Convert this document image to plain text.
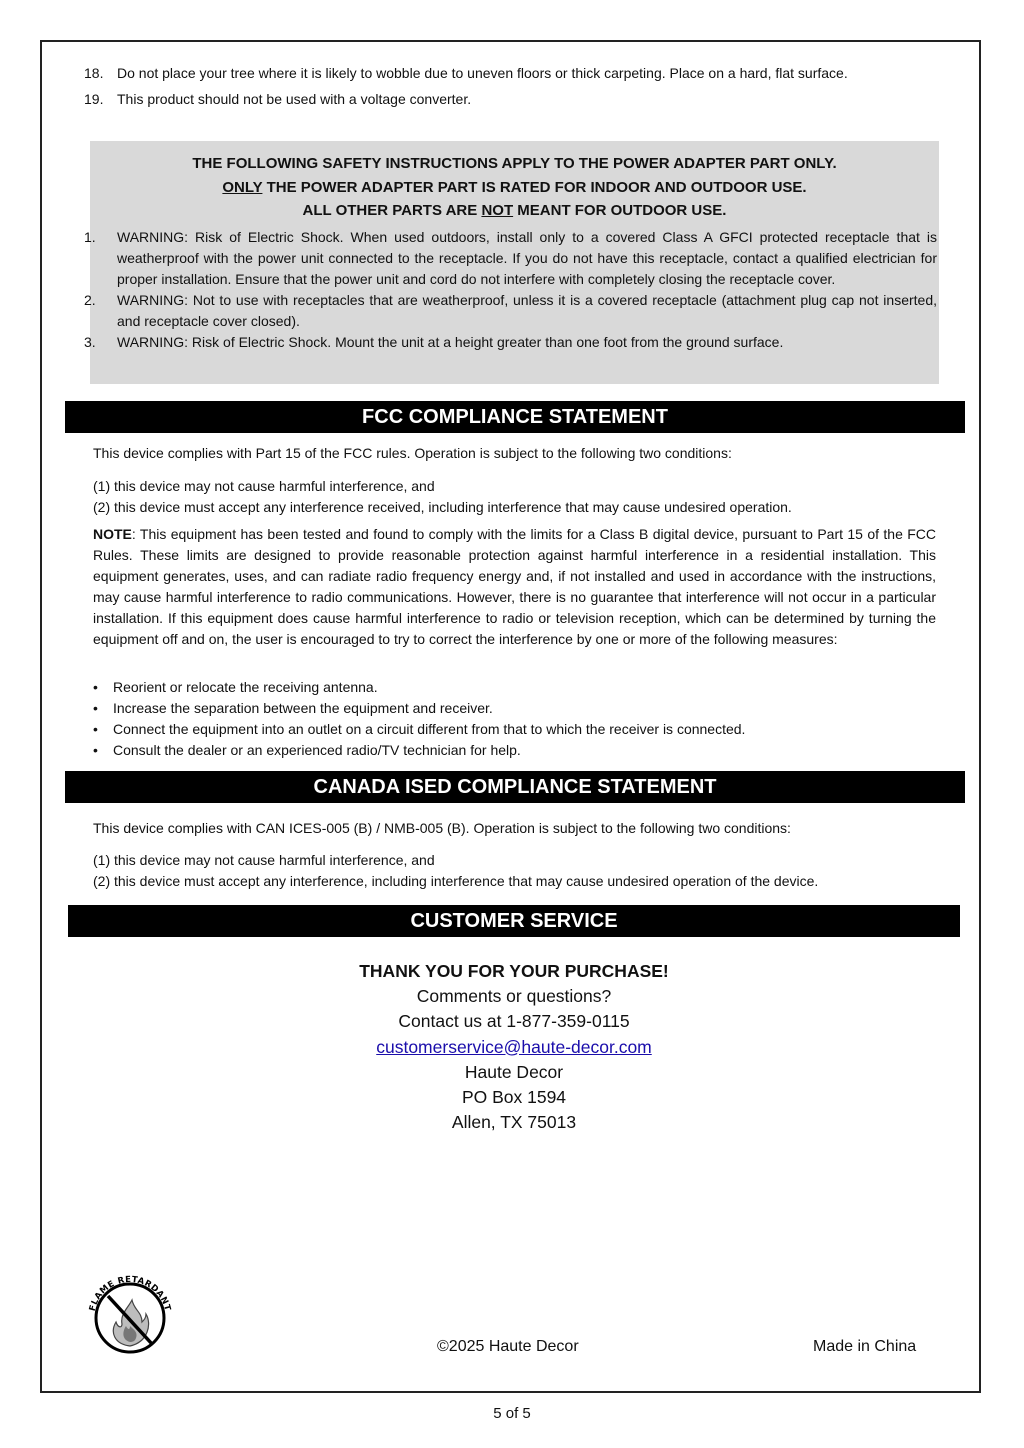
18. Do not place your tree where it is likely to wobble due to uneven floors or thick carpeting. Place on a hard, flat surface.
19. This product should not be used with a voltage converter.
THE FOLLOWING SAFETY INSTRUCTIONS APPLY TO THE POWER ADAPTER PART ONLY.
ONLY THE POWER ADAPTER PART IS RATED FOR INDOOR AND OUTDOOR USE.
ALL OTHER PARTS ARE NOT MEANT FOR OUTDOOR USE.
1.	WARNING: Risk of Electric Shock. When used outdoors, install only to a covered Class A GFCI protected receptacle that is weatherproof with the power unit connected to the receptacle. If you do not have this receptacle, contact a qualified electrician for proper installation. Ensure that the power unit and cord do not interfere with completely closing the receptacle cover.
2.	WARNING: Not to use with receptacles that are weatherproof, unless it is a covered receptacle (attachment plug cap not inserted, and receptacle cover closed).
3.	WARNING: Risk of Electric Shock. Mount the unit at a height greater than one foot from the ground surface.
FCC COMPLIANCE STATEMENT
This device complies with Part 15 of the FCC rules. Operation is subject to the following two conditions:
(1) this device may not cause harmful interference, and
(2) this device must accept any interference received, including interference that may cause undesired operation.
NOTE: This equipment has been tested and found to comply with the limits for a Class B digital device, pursuant to Part 15 of the FCC Rules. These limits are designed to provide reasonable protection against harmful interference in a residential installation. This equipment generates, uses, and can radiate radio frequency energy and, if not installed and used in accordance with the instructions, may cause harmful interference to radio communications. However, there is no guarantee that interference will not occur in a particular installation. If this equipment does cause harmful interference to radio or television reception, which can be determined by turning the equipment off and on, the user is encouraged to try to correct the interference by one or more of the following measures:
•	Reorient or relocate the receiving antenna.
•	Increase the separation between the equipment and receiver.
•	Connect the equipment into an outlet on a circuit different from that to which the receiver is connected.
•	Consult the dealer or an experienced radio/TV technician for help.
CANADA ISED COMPLIANCE STATEMENT
This device complies with CAN ICES-005 (B) / NMB-005 (B). Operation is subject to the following two conditions:
(1) this device may not cause harmful interference, and
(2) this device must accept any interference, including interference that may cause undesired operation of the device.
CUSTOMER SERVICE
THANK YOU FOR YOUR PURCHASE!
Comments or questions?
Contact us at 1-877-359-0115
customerservice@haute-decor.com
Haute Decor
PO Box 1594
Allen, TX 75013
FLAME RETARDANT
©2025 Haute Decor	Made in China
5 of 5
